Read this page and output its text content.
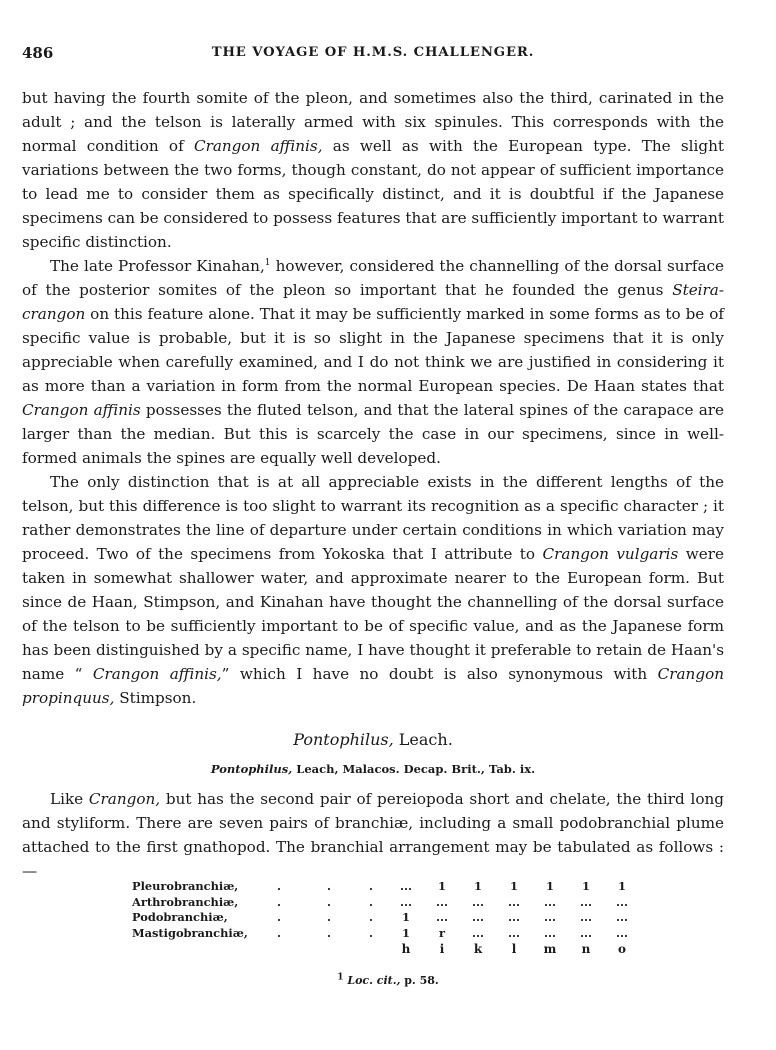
486	THE VOYAGE OF H.M.S. CHALLENGER.

but having the fourth somite of the pleon, and sometimes also the third, carinated in the adult ; and the telson is laterally armed with six spinules. This corresponds with the normal condition of Crangon affinis, as well as with the European type. The slight variations between the two forms, though constant, do not appear of sufficient importance to lead me to consider them as specifically distinct, and it is doubtful if the Japanese specimens can be considered to possess features that are sufficiently important to warrant specific distinction.

The late Professor Kinahan,$^1$ however, considered the channelling of the dorsal surface of the posterior somites of the pleon so important that he founded the genus Steira-crangon on this feature alone. That it may be sufficiently marked in some forms as to be of specific value is probable, but it is so slight in the Japanese specimens that it is only appreciable when carefully examined, and I do not think we are justified in considering it as more than a variation in form from the normal European species. De Haan states that Crangon affinis possesses the fluted telson, and that the lateral spines of the carapace are larger than the median. But this is scarcely the case in our specimens, since in well-formed animals the spines are equally well developed.

The only distinction that is at all appreciable exists in the different lengths of the telson, but this difference is too slight to warrant its recognition as a specific character ; it rather demonstrates the line of departure under certain conditions in which variation may proceed. Two of the specimens from Yokoska that I attribute to Crangon vulgaris were taken in somewhat shallower water, and approximate nearer to the European form. But since de Haan, Stimpson, and Kinahan have thought the channelling of the dorsal surface of the telson to be sufficiently important to be of specific value, and as the Japanese form has been distinguished by a specific name, I have thought it preferable to retain de Haan's name “ Crangon affinis,” which I have no doubt is also synonymous with Crangon propinquus, Stimpson.

Pontophilus, Leach.

Pontophilus, Leach, Malacos. Decap. Brit., Tab. ix.

Like Crangon, but has the second pair of pereiopoda short and chelate, the third long and styliform. There are seven pairs of branchiæ, including a small podobranchial plume attached to the first gnathopod. The branchial arrangement may be tabulated as follows :—

Pleurobranchiæ,	.	.	.	...	1	1	1	1	1	1
Arthrobranchiæ,	.	.	.	...	...	...	...	...	...	...
Podobranchiæ,	.	.	.	1	...	...	...	...	...	...
Mastigobranchiæ,	.	.	.	1	r	...	...	...	...	...
				h	i	k	l	m	n	o
$^1$ Loc. cit., p. 58.
